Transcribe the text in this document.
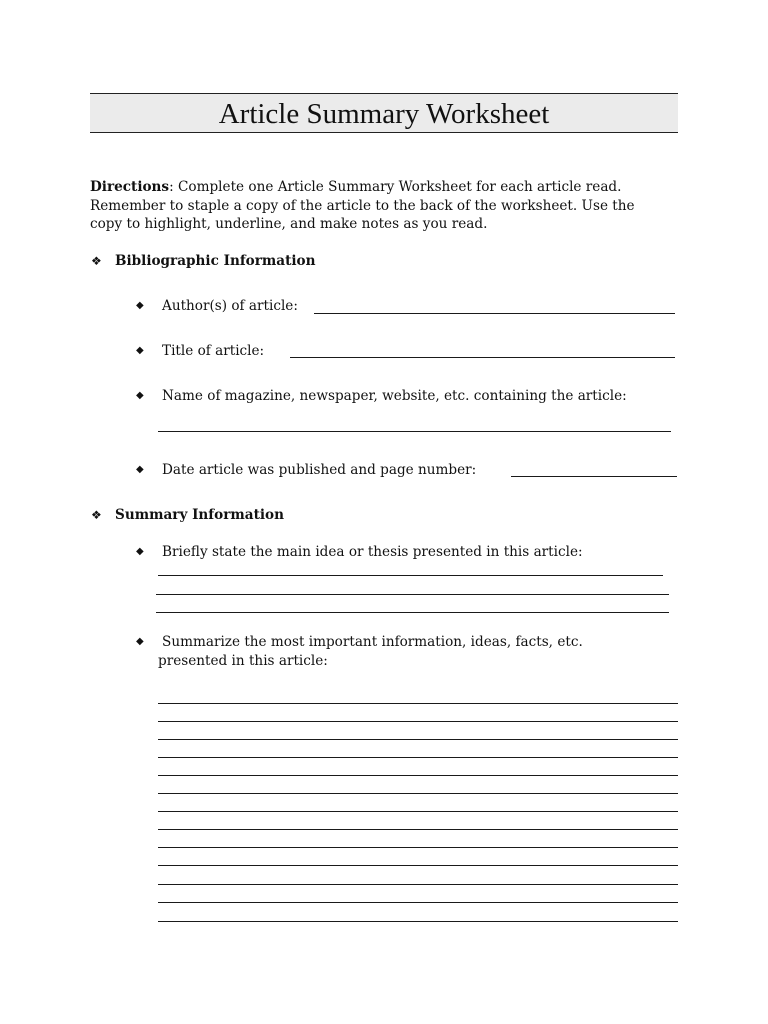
Article Summary Worksheet
Directions: Complete one Article Summary Worksheet for each article read.
Remember to staple a copy of the article to the back of the worksheet. Use the
copy to highlight, underline, and make notes as you read.
❖ Bibliographic Information
◆ Author(s) of article:
◆ Title of article:
◆ Name of magazine, newspaper, website, etc. containing the article:
◆ Date article was published and page number:
❖ Summary Information
◆ Briefly state the main idea or thesis presented in this article:
◆ Summarize the most important information, ideas, facts, etc.
presented in this article:
